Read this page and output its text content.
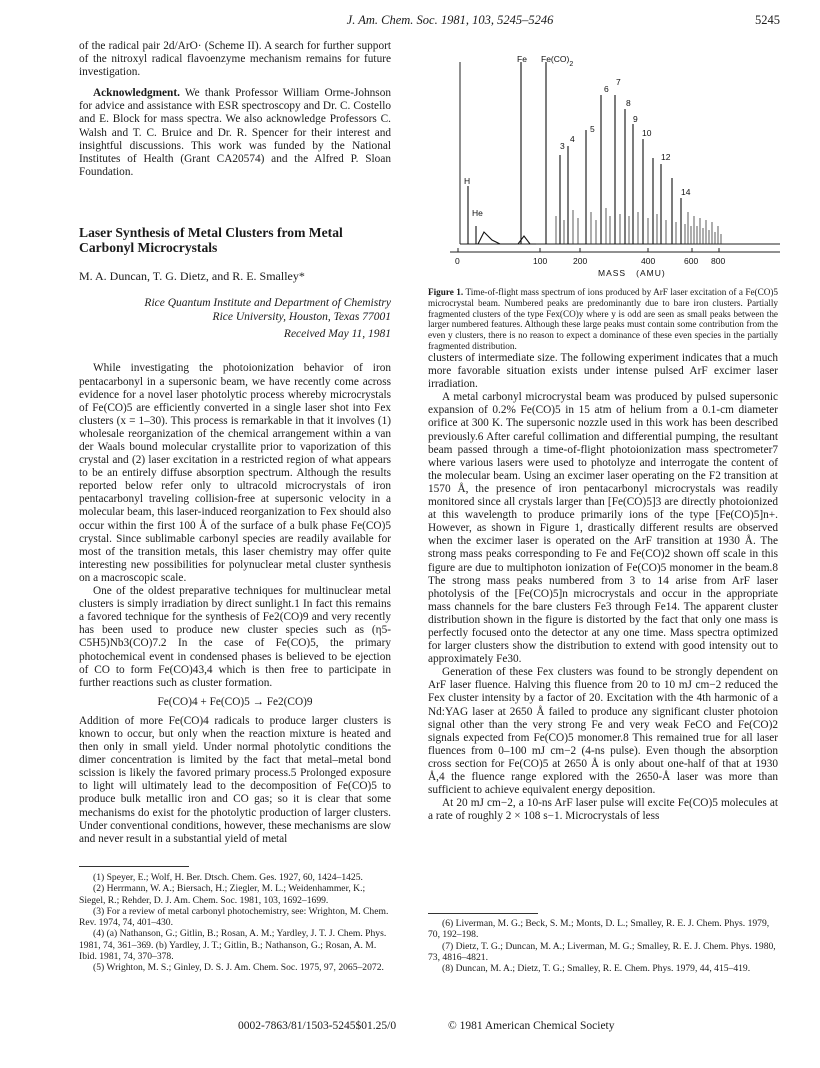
J. Am. Chem. Soc. 1981, 103, 5245–5246	5245

of the radical pair 2d/ArO· (Scheme II). A search for further support of the nitroxyl radical flavoenzyme mechanism remains for future investigation.

Acknowledgment. We thank Professor William Orme-Johnson for advice and assistance with ESR spectroscopy and Dr. C. Costello and E. Block for mass spectra. We also acknowledge Professors C. Walsh and T. C. Bruice and Dr. R. Spencer for their interest and insightful discussions. This work was funded by the National Institutes of Health (Grant CA20574) and the Alfred P. Sloan Foundation.

Laser Synthesis of Metal Clusters from Metal Carbonyl Microcrystals
M. A. Duncan, T. G. Dietz, and R. E. Smalley*
Rice Quantum Institute and Department of Chemistry
Rice University, Houston, Texas 77001
Received May 11, 1981

While investigating the photoionization behavior of iron pentacarbonyl in a supersonic beam, we have recently come across evidence for a novel laser photolytic process whereby microcrystals of Fe(CO)5 are efficiently converted in a single laser shot into Fex clusters (x = 1–30). This process is remarkable in that it involves (1) wholesale reorganization of the chemical arrangement within a van der Waals bound molecular crystallite prior to vaporization of this crystal and (2) laser excitation in a restricted region of what appears to be an entirely diffuse absorption spectrum. Although the results reported below refer only to ultracold microcrystals of iron pentacarbonyl traveling collision-free at supersonic velocity in a molecular beam, this laser-induced reorganization to Fex should also occur within the first 100 Å of the surface of a bulk phase Fe(CO)5 crystal. Since sublimable carbonyl species are readily available for most of the transition metals, this laser chemistry may offer quite interesting new possibilities for polynuclear metal cluster synthesis on a macroscopic scale.

One of the oldest preparative techniques for multinuclear metal clusters is simply irradiation by direct sunlight.1 In fact this remains a favored technique for the synthesis of Fe2(CO)9 and very recently has been used to produce new cluster species such as (η5-C5H5)Nb3(CO)7.2 In the case of Fe(CO)5, the primary photochemical event in condensed phases is believed to be ejection of CO to form Fe(CO)43,4 which is then free to participate in further reactions such as cluster formation.

Fe(CO)4 + Fe(CO)5 → Fe2(CO)9

Addition of more Fe(CO)4 radicals to produce larger clusters is known to occur, but only when the reaction mixture is heated and then only in small yield. Under normal photolytic conditions the dimer concentration is limited by the fact that metal–metal bond scission is likely the favored primary process.5 Prolonged exposure to light will ultimately lead to the decomposition of Fe(CO)5 to produce bulk metallic iron and CO gas; so it is clear that some mechanisms do exist for the photolytic production of larger clusters. Under conventional conditions, however, these mechanisms are slow and never result in a substantial yield of metal

(1) Speyer, E.; Wolf, H. Ber. Dtsch. Chem. Ges. 1927, 60, 1424–1425.

(2) Herrmann, W. A.; Biersach, H.; Ziegler, M. L.; Weidenhammer, K.; Siegel, R.; Rehder, D. J. Am. Chem. Soc. 1981, 103, 1692–1699.

(3) For a review of metal carbonyl photochemistry, see: Wrighton, M. Chem. Rev. 1974, 74, 401–430.

(4) (a) Nathanson, G.; Gitlin, B.; Rosan, A. M.; Yardley, J. T. J. Chem. Phys. 1981, 74, 361–369. (b) Yardley, J. T.; Gitlin, B.; Nathanson, G.; Rosan, A. M. Ibid. 1981, 74, 370–378.

(5) Wrighton, M. S.; Ginley, D. S. J. Am. Chem. Soc. 1975, 97, 2065–2072.

Fe $Fe(CO)_2$
H
He
3
4
5
6
7
8
9
10
12
14
0	100	200	400	600 800
MASS   (AMU)

Figure 1. Time-of-flight mass spectrum of ions produced by ArF laser excitation of a Fe(CO)5 microcrystal beam. Numbered peaks are predominantly due to bare iron clusters. Partially fragmented clusters of the type Fex(CO)y where y is odd are seen as small peaks between the larger numbered features. Although these large peaks must contain some contribution from the even y clusters, there is no reason to expect a dominance of these even species in the partially fragmented distribution.

clusters of intermediate size. The following experiment indicates that a much more favorable situation exists under intense pulsed ArF excimer laser irradiation.

A metal carbonyl microcrystal beam was produced by pulsed supersonic expansion of 0.2% Fe(CO)5 in 15 atm of helium from a 0.1-cm diameter orifice at 300 K. The supersonic nozzle used in this work has been described previously.6 After careful collimation and differential pumping, the resultant beam passed through a time-of-flight photoionization mass spectrometer7 where various lasers were used to photolyze and interrogate the content of the molecular beam. Using an excimer laser operating on the F2 transition at 1570 Å, the presence of iron pentacarbonyl microcrystals was readily monitored since all crystals larger than [Fe(CO)5]3 are directly photoionized at this wavelength to produce primarily ions of the type [Fe(CO)5]n+. However, as shown in Figure 1, drastically different results are observed when the excimer laser is operated on the ArF transition at 1930 Å. The strong mass peaks corresponding to Fe and Fe(CO)2 shown off scale in this figure are due to multiphoton ionization of Fe(CO)5 monomer in the beam.8 The strong mass peaks numbered from 3 to 14 arise from ArF laser photolysis of the [Fe(CO)5]n microcrystals and occur in the appropriate mass channels for the bare clusters Fe3 through Fe14. The apparent cluster distribution shown in the figure is distorted by the fact that only one mass is perfectly focused onto the detector at any one time. Mass spectra optimized for larger clusters show the distribution to extend with good intensity out to approximately Fe30.

Generation of these Fex clusters was found to be strongly dependent on ArF laser fluence. Halving this fluence from 20 to 10 mJ cm−2 reduced the Fex cluster intensity by a factor of 20. Excitation with the 4th harmonic of a Nd:YAG laser at 2650 Å failed to produce any significant cluster photoion signal other than the very strong Fe and very weak FeCO and Fe(CO)2 signals expected from Fe(CO)5 monomer.8 This remained true for all laser fluences from 0–100 mJ cm−2 (4-ns pulse). Even though the absorption cross section for Fe(CO)5 at 2650 Å is only about one-half of that at 1930 Å,4 the fluence range explored with the 2650-Å laser was more than sufficient to achieve equivalent energy deposition.

At 20 mJ cm−2, a 10-ns ArF laser pulse will excite Fe(CO)5 molecules at a rate of roughly 2 × 108 s−1. Microcrystals of less

(6) Liverman, M. G.; Beck, S. M.; Monts, D. L.; Smalley, R. E. J. Chem. Phys. 1979, 70, 192–198.

(7) Dietz, T. G.; Duncan, M. A.; Liverman, M. G.; Smalley, R. E. J. Chem. Phys. 1980, 73, 4816–4821.

(8) Duncan, M. A.; Dietz, T. G.; Smalley, R. E. Chem. Phys. 1979, 44, 415–419.

0002-7863/81/1503-5245$01.25/0	© 1981 American Chemical Society
